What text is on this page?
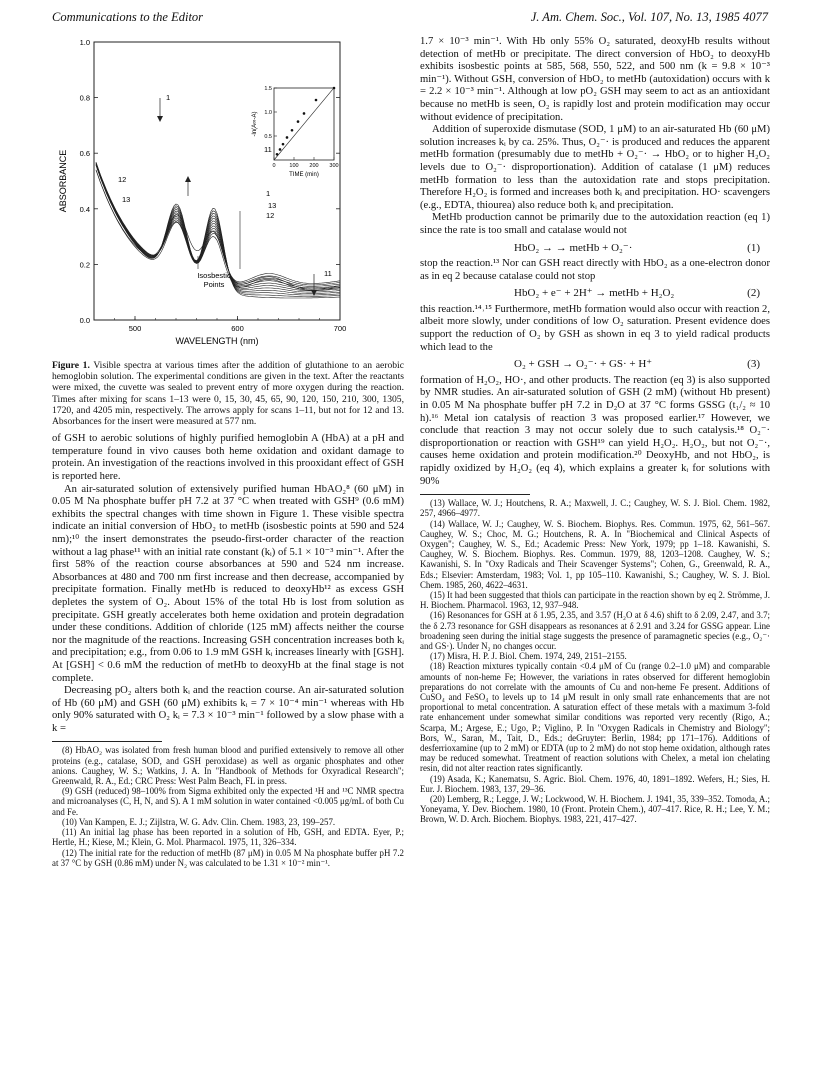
Communications to the Editor	J. Am. Chem. Soc., Vol. 107, No. 13, 1985 4077
1.0
0.8
0.6
0.4
0.2
0.0
500	600	700
ABSORBANCE
WAVELENGTH (nm)
Isosbestic
Points
1
11
12
13
1
12
13
11
-ln(A∞-A)
TIME (min)
0	100 200 300
1.5
1.0
0.5

Figure 1. Visible spectra at various times after the addition of glutathione to an aerobic hemoglobin solution. The experimental conditions are given in the text. After the reactants were mixed, the cuvette was sealed to prevent entry of more oxygen during the reaction. Times after mixing for scans 1–13 were 0, 15, 30, 45, 65, 90, 120, 150, 210, 300, 1305, 1720, and 4205 min, respectively. The arrows apply for scans 1–11, but not for 12 and 13. Absorbances for the insert were measured at 577 nm.

of GSH to aerobic solutions of highly purified hemoglobin A (HbA) at a pH and temperature found in vivo causes both heme oxidation and oxidant damage to protein. An investigation of the reactions involved in this prooxidant effect of GSH is reported here.

An air-saturated solution of extensively purified human HbAO₂⁸ (60 μM) in 0.05 M Na phosphate buffer pH 7.2 at 37 °C when treated with GSH⁹ (0.6 mM) exhibits the spectral changes with time shown in Figure 1. These visible spectra indicate an initial conversion of HbO₂ to metHb (isosbestic points at 590 and 524 nm);¹⁰ the insert demonstrates the pseudo-first-order character of the reaction without a lag phase¹¹ with an initial rate constant (kᵢ) of 5.1 × 10⁻³ min⁻¹. After the first 58% of the reaction course absorbances at 590 and 524 nm increase. Absorbances at 480 and 700 nm first increase and then decrease, accompanied by precipitate formation. Finally metHb is reduced to deoxyHb¹² as excess GSH depletes the system of O₂. About 15% of the total Hb is lost from solution as precipitate. GSH greatly accelerates both heme oxidation and protein degradation under these conditions. Addition of chloride (125 mM) affects neither the course nor the magnitude of the reactions. Increasing GSH concentration increases both kᵢ and precipitation; e.g., from 0.06 to 1.9 mM GSH kᵢ increases linearly with [GSH]. At [GSH] < 0.6 mM the reduction of metHb to deoxyHb at the final stage is not complete.

Decreasing pO₂ alters both kᵢ and the reaction course. An air-saturated solution of Hb (60 μM) and GSH (60 μM) exhibits kᵢ = 7 × 10⁻⁴ min⁻¹ whereas with Hb only 90% saturated with O₂ kᵢ = 7.3 × 10⁻³ min⁻¹ followed by a slow phase with a k =

(8) HbAO₂ was isolated from fresh human blood and purified extensively to remove all other proteins (e.g., catalase, SOD, and GSH peroxidase) as well as organic phosphates and other anions. Caughey, W. S.; Watkins, J. A. In "Handbook of Methods for Oxyradical Research"; Greenwald, R. A., Ed.; CRC Press: West Palm Beach, FL in press.

(9) GSH (reduced) 98–100% from Sigma exhibited only the expected ¹H and ¹³C NMR spectra and microanalyses (C, H, N, and S). A 1 mM solution in water contained <0.005 μg/mL of both Cu and Fe.

(10) Van Kampen, E. J.; Zijlstra, W. G. Adv. Clin. Chem. 1983, 23, 199–257.

(11) An initial lag phase has been reported in a solution of Hb, GSH, and EDTA. Eyer, P.; Hertle, H.; Kiese, M.; Klein, G. Mol. Pharmacol. 1975, 11, 326–334.

(12) The initial rate for the reduction of metHb (87 μM) in 0.05 M Na phosphate buffer pH 7.2 at 37 °C by GSH (0.86 mM) under N₂ was calculated to be 1.31 × 10⁻² min⁻¹.

1.7 × 10⁻³ min⁻¹. With Hb only 55% O₂ saturated, deoxyHb results without detection of metHb or precipitate. The direct conversion of HbO₂ to deoxyHb exhibits isosbestic points at 585, 568, 550, 522, and 500 nm (k = 9.8 × 10⁻³ min⁻¹). Without GSH, conversion of HbO₂ to metHb (autoxidation) occurs with k = 2.2 × 10⁻³ min⁻¹. Although at low pO₂ GSH may seem to act as an antioxidant because no metHb is seen, O₂ is rapidly lost and protein modification may occur without evidence of precipitation.

Addition of superoxide dismutase (SOD, 1 μM) to an air-saturated Hb (60 μM) solution increases kᵢ by ca. 25%. Thus, O₂⁻· is produced and reduces the apparent metHb formation (presumably due to metHb + O₂⁻· → HbO₂ or to higher H₂O₂ levels due to O₂⁻· disproportionation). Addition of catalase (1 μM) reduces metHb formation to less than the autoxidation rate and stops precipitation. Therefore H₂O₂ is formed and increases both kᵢ and precipitation. HO· scavengers (e.g., EDTA, thiourea) also reduce both kᵢ and precipitation.

MetHb production cannot be primarily due to the autoxidation reaction (eq 1) since the rate is too small and catalase would not

HbO₂ → → metHb + O₂⁻·	(1)

stop the reaction.¹³ Nor can GSH react directly with HbO₂ as a one-electron donor as in eq 2 because catalase could not stop

HbO₂ + e⁻ + 2H⁺ → metHb + H₂O₂	(2)

this reaction.¹⁴˒¹⁵ Furthermore, metHb formation would also occur with reaction 2, albeit more slowly, under conditions of low O₂ saturation. Present evidence does support the reduction of O₂ by GSH as shown in eq 3 to yield radical products which lead to the

O₂ + GSH → O₂⁻· + GS· + H⁺	(3)

formation of H₂O₂, HO·, and other products. The reaction (eq 3) is also supported by NMR studies. An air-saturated solution of GSH (2 mM) (without Hb present) in 0.05 M Na phosphate buffer pH 7.2 in D₂O at 37 °C forms GSSG (t₁/₂ ≈ 10 h).¹⁶ Metal ion catalysis of reaction 3 was proposed earlier.¹⁷ However, we conclude that reaction 3 may not occur solely due to such catalysis.¹⁸ O₂⁻· disproportionation or reaction with GSH¹⁹ can yield H₂O₂. H₂O₂, but not O₂⁻·, causes heme oxidation and protein modification.²⁰ DeoxyHb, and not HbO₂, is rapidly oxidized by H₂O₂ (eq 4), which explains a greater kᵢ for solutions with 90%

(13) Wallace, W. J.; Houtchens, R. A.; Maxwell, J. C.; Caughey, W. S. J. Biol. Chem. 1982, 257, 4966–4977.

(14) Wallace, W. J.; Caughey, W. S. Biochem. Biophys. Res. Commun. 1975, 62, 561–567. Caughey, W. S.; Choc, M. G.; Houtchens, R. A. In "Biochemical and Clinical Aspects of Oxygen"; Caughey, W. S., Ed.; Academic Press: New York, 1979; pp 1–18. Kawanishi, S. Caughey, W. S. Biochem. Biophys. Res. Commun. 1979, 88, 1203–1208. Caughey, W. S.; Kawanishi, S. In "Oxy Radicals and Their Scavenger Systems"; Cohen, G., Greenwald, R. A., Eds.; Elsevier: Amsterdam, 1983; Vol. 1, pp 105–110. Kawanishi, S.; Caughey, W. S. J. Biol. Chem. 1985, 260, 4622–4631.

(15) It had been suggested that thiols can participate in the reaction shown by eq 2. Strömme, J. H. Biochem. Pharmacol. 1963, 12, 937–948.

(16) Resonances for GSH at δ 1.95, 2.35, and 3.57 (H₂O at δ 4.6) shift to δ 2.09, 2.47, and 3.7; the δ 2.73 resonance for GSH disappears as resonances at δ 2.91 and 3.24 for GSSG appear. Line broadening seen during the initial stage suggests the presence of paramagnetic species (e.g., O₂⁻· and GS·). Under N₂ no changes occur.

(17) Misra, H. P. J. Biol. Chem. 1974, 249, 2151–2155.

(18) Reaction mixtures typically contain <0.4 μM of Cu (range 0.2–1.0 μM) and comparable amounts of non-heme Fe; However, the variations in rates observed for different hemoglobin preparations do not correlate with the amounts of Cu and non-heme Fe present. Additions of CuSO₄ and FeSO₄ to levels up to 14 μM result in only small rate enhancements that are not proportional to metal concentration. A saturation effect of these metals with a maximum 3-fold rate enhancement under somewhat similar conditions was reported very recently (Rigo, A.; Scarpa, M.; Argese, E.; Ugo, P.; Viglino, P. In "Oxygen Radicals in Chemistry and Biology"; Bors, W., Saran, M., Tait, D., Eds.; deGruyter: Berlin, 1984; pp 171–176). Additions of desferrioxamine (up to 2 mM) or EDTA (up to 2 mM) do not stop heme oxidation, although rates may be reduced somewhat. Treatment of reaction solutions with Chelex, a metal ion chelating resin, did not alter reaction rates significantly.

(19) Asada, K.; Kanematsu, S. Agric. Biol. Chem. 1976, 40, 1891–1892. Wefers, H.; Sies, H. Eur. J. Biochem. 1983, 137, 29–36.

(20) Lemberg, R.; Legge, J. W.; Lockwood, W. H. Biochem. J. 1941, 35, 339–352. Tomoda, A.; Yoneyama, Y. Dev. Biochem. 1980, 10 (Front. Protein Chem.), 407–417. Rice, R. H.; Lee, Y. M.; Brown, W. D. Arch. Biochem. Biophys. 1983, 221, 417–427.
